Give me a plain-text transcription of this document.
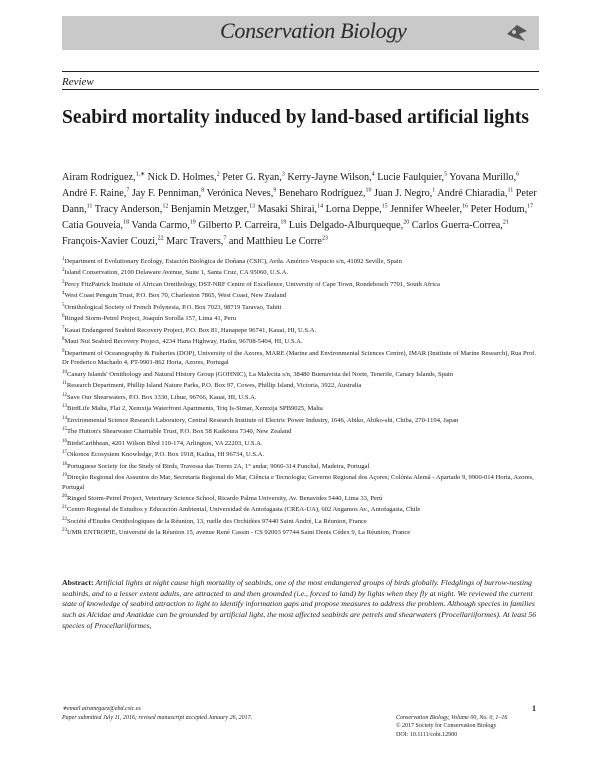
Conservation Biology
Review
Seabird mortality induced by land-based artificial lights
Airam Rodríguez,$^{1,∗}$ Nick D. Holmes,$^2$ Peter G. Ryan,$^3$ Kerry-Jayne Wilson,$^4$ Lucie Faulquier,$^5$ Yovana Murillo,$^6$ André F. Raine,$^7$ Jay F. Penniman,$^8$ Verónica Neves,$^9$ Beneharo Rodríguez,$^{10}$ Juan J. Negro,$^1$ André Chiaradia,$^{11}$ Peter Dann,$^{11}$ Tracy Anderson,$^{12}$ Benjamin Metzger,$^{13}$ Masaki Shirai,$^{14}$ Lorna Deppe,$^{15}$ Jennifer Wheeler,$^{16}$ Peter Hodum,$^{17}$ Catia Gouveia,$^{18}$ Vanda Carmo,$^{19}$ Gilberto P. Carreira,$^{19}$ Luis Delgado-Alburqueque,$^{20}$ Carlos Guerra-Correa,$^{21}$ François-Xavier Couzi,$^{22}$ Marc Travers,$^7$ and Matthieu Le Corre$^{23}$
$^1$Department of Evolutionary Ecology, Estación Biológica de Doñana (CSIC), Avda. Américo Vespucio s/n, 41092 Seville, Spain
$^2$Island Conservation, 2100 Delaware Avenue, Suite 1, Santa Cruz, CA 95060, U.S.A.
$^3$Percy FitzPatrick Institute of African Ornithology, DST-NRF Centre of Excellence, University of Cape Town, Rondebosch 7701, South Africa
$^4$West Coast Penguin Trust, P.O. Box 70, Charleston 7865, West Coast, New Zealand
$^5$Ornithological Society of French Polynesia, P.O. Box 7023, 98719 Taravao, Tahiti
$^6$Ringed Storm-Petrel Project, Joaquín Sorolla 157, Lima 41, Peru
$^7$Kauai Endangered Seabird Recovery Project, P.O. Box 81, Hanapepe 96741, Kauai, HI, U.S.A.
$^8$Maui Nui Seabird Recovery Project, 4234 Hana Highway, Haiku, 96708-5404, HI, U.S.A.
$^9$Department of Oceanography & Fisheries (DOP), University of the Azores, MARE (Marine and Environmental Sciences Centre), IMAR (Institute of Marine Research), Rua Prof. Dr Frederico Machado 4, PT-9901-862 Horta, Azores, Portugal
$^{10}$Canary Islands' Ornithology and Natural History Group (GOHNIC), La Malecita s/n, 38480 Buenavista del Norte, Tenerife, Canary Islands, Spain
$^{11}$Research Department, Phillip Island Nature Parks, P.O. Box 97, Cowes, Phillip Island, Victoria, 3922, Australia
$^{12}$Save Our Shearwaters, P.O. Box 3330, Lihue, 96766, Kauai, HI, U.S.A.
$^{13}$BirdLife Malta, Flat 2, Xemxija Waterfront Apartments, Triq Is-Simar, Xemxija SPB9025, Malta
$^{14}$Environmental Science Research Laboratory, Central Research Institute of Electric Power Industry, 1646, Abiko, Abiko-shi, Chiba, 270-1194, Japan
$^{15}$The Hutton's Shearwater Charitable Trust, P.O. Box 58 Kaikōura 7340, New Zealand
$^{16}$BirdsCaribbean, 4201 Wilson Blvd 110-174, Arlington, VA 22203, U.S.A.
$^{17}$Oikonos Ecosystem Knowledge, P.O. Box 1918, Kailua, HI 96734, U.S.A.
$^{18}$Portuguese Society for the Study of Birds, Travessa das Torres 2A, 1° andar, 9060-314 Funchal, Madeira, Portugal
$^{19}$Direção Regional dos Assuntos do Mar, Secretaria Regional do Mar, Ciência e Tecnologia; Governo Regional dos Açores; Colónia Alemã - Apartado 9, 9900-014 Horta, Azores, Portugal
$^{20}$Ringed Storm-Petrel Project, Veterinary Science School, Ricardo Palma University, Av. Benavides 5440, Lima 33, Perú
$^{21}$Centro Regional de Estudios y Educación Ambiental, Universidad de Antofagasta (CREA-UA), 602 Angamos Av., Antofagasta, Chile
$^{22}$Société d'Etudes Ornithologiques de la Réunion, 13, ruelle des Orchidées 97440 Saint André, La Réunion, France
$^{23}$UMR ENTROPIE, Université de la Réunion 15, avenue René Cassin - CS 92003 97744 Saint Denis Cédex 9, La Réunion, France

Abstract: Artificial lights at night cause high mortality of seabirds, one of the most endangered groups of birds globally. Fledglings of burrow-nesting seabirds, and to a lesser extent adults, are attracted to and then grounded (i.e., forced to land) by lights when they fly at night. We reviewed the current state of knowledge of seabird attraction to light to identify information gaps and propose measures to address the problem. Although species in families such as Alcidae and Anatidae can be grounded by artificial light, the most affected seabirds are petrels and shearwaters (Procellariiformes). At least 56 species of Procellariiformes,

∗email airamrguez@ebd.csic.es
Paper submitted July 11, 2016; revised manuscript accepted January 26, 2017.
1
Conservation Biology, Volume 00, No. 0, 1–16
© 2017 Society for Conservation Biology
DOI: 10.1111/cobi.12900
